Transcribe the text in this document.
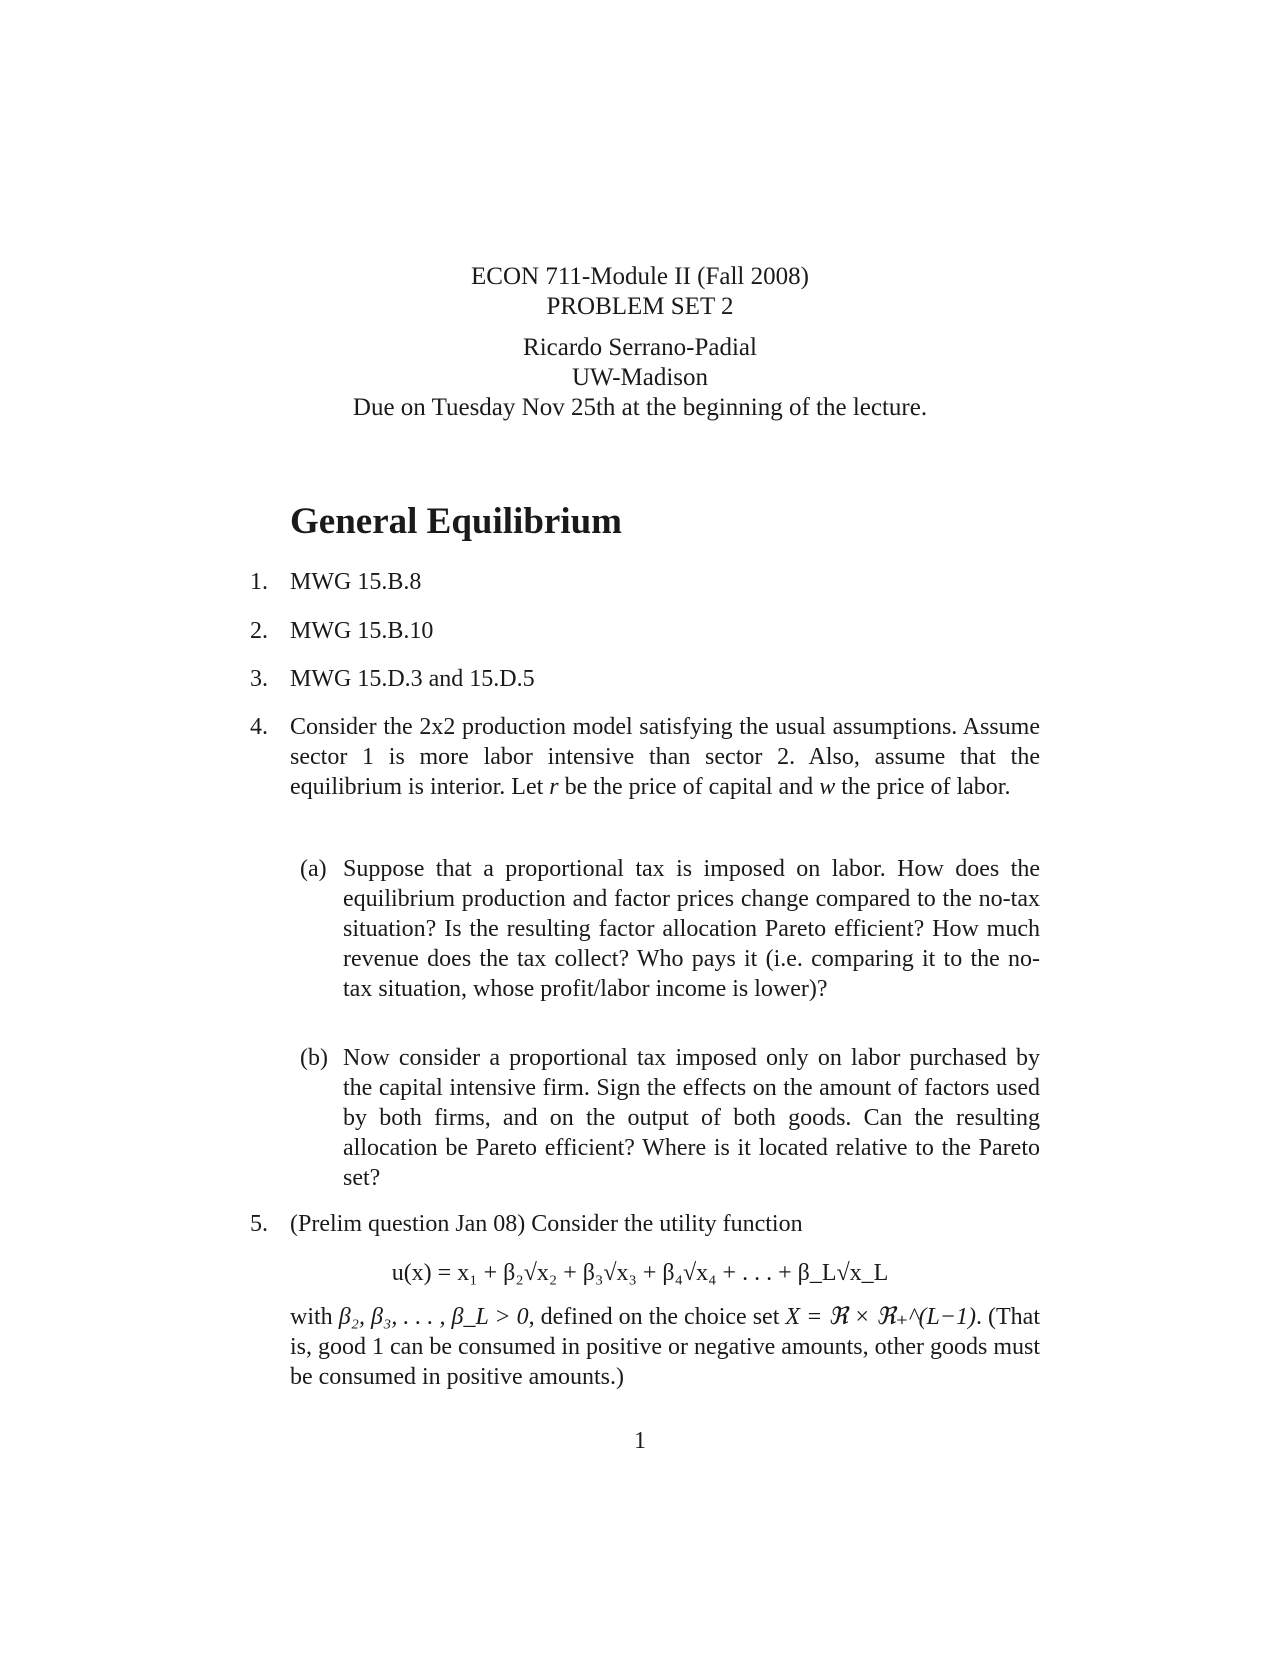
ECON 711-Module II (Fall 2008)
PROBLEM SET 2
Ricardo Serrano-Padial
UW-Madison
Due on Tuesday Nov 25th at the beginning of the lecture.
General Equilibrium
1. MWG 15.B.8
2. MWG 15.B.10
3. MWG 15.D.3 and 15.D.5
4. Consider the 2x2 production model satisfying the usual assumptions. Assume sector 1 is more labor intensive than sector 2. Also, assume that the equilibrium is interior. Let r be the price of capital and w the price of labor.
(a) Suppose that a proportional tax is imposed on labor. How does the equilibrium production and factor prices change compared to the no-tax situation? Is the resulting factor allocation Pareto efficient? How much revenue does the tax collect? Who pays it (i.e. comparing it to the no-tax situation, whose profit/labor income is lower)?
(b) Now consider a proportional tax imposed only on labor purchased by the capital intensive firm. Sign the effects on the amount of factors used by both firms, and on the output of both goods. Can the resulting allocation be Pareto efficient? Where is it located relative to the Pareto set?
5. (Prelim question Jan 08) Consider the utility function
u(x) = x₁ + β₂√x₂ + β₃√x₃ + β₄√x₄ + . . . + β_L√x_L
with β₂, β₃, . . . , β_L > 0, defined on the choice set X = ℜ × ℜ₊^(L−1). (That is, good 1 can be consumed in positive or negative amounts, other goods must be consumed in positive amounts.)
1
